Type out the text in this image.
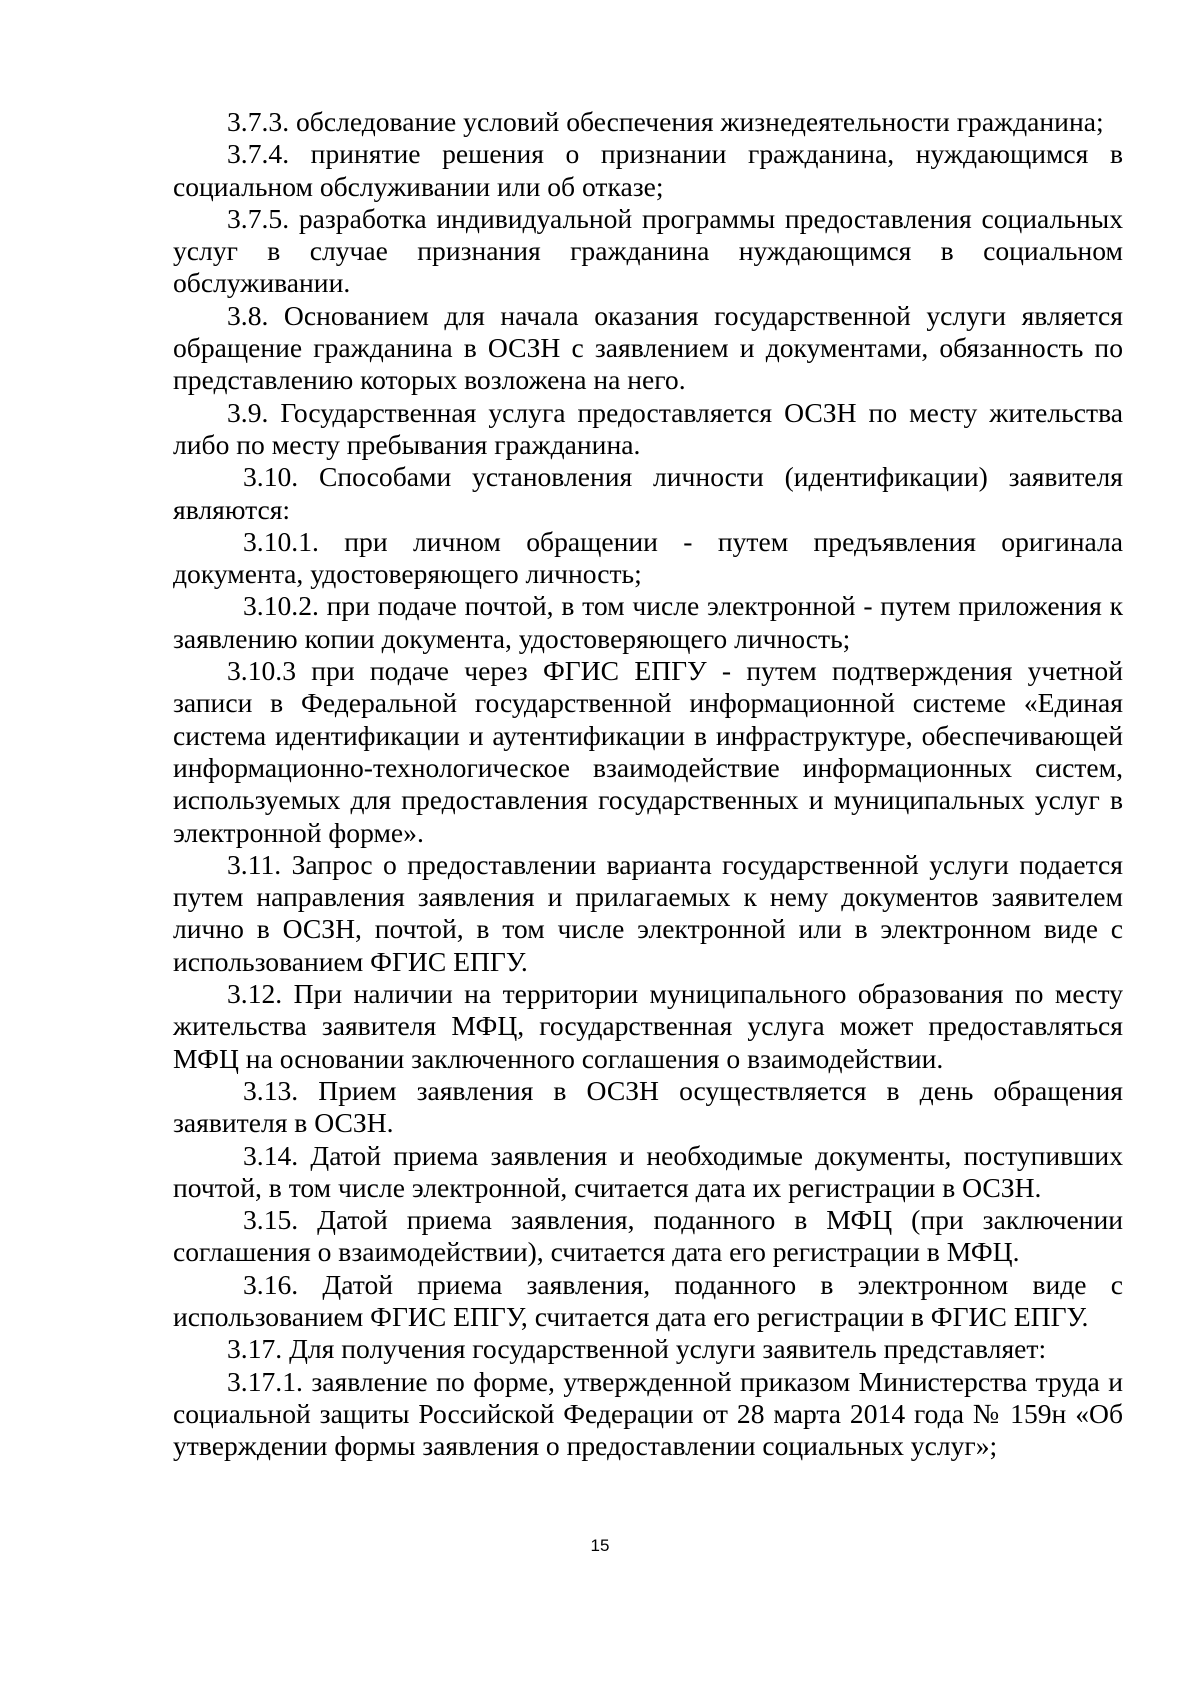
3.7.3. обследование условий обеспечения жизнедеятельности гражданина;

3.7.4. принятие решения о признании гражданина, нуждающимся в социальном обслуживании или об отказе;

3.7.5. разработка индивидуальной программы предоставления социальных услуг в случае признания гражданина нуждающимся в социальном обслуживании.

3.8. Основанием для начала оказания государственной услуги является обращение гражданина в ОСЗН с заявлением и документами, обязанность по представлению которых возложена на него.

3.9. Государственная услуга предоставляется ОСЗН по месту жительства либо по месту пребывания гражданина.

3.10. Способами установления личности (идентификации) заявителя являются:

3.10.1. при личном обращении - путем предъявления оригинала документа, удостоверяющего личность;

3.10.2. при подаче почтой, в том числе электронной - путем приложения к заявлению копии документа, удостоверяющего личность;

3.10.3 при подаче через ФГИС ЕПГУ - путем подтверждения учетной записи в Федеральной государственной информационной системе «Единая система идентификации и аутентификации в инфраструктуре, обеспечивающей информационно-технологическое взаимодействие информационных систем, используемых для предоставления государственных и муниципальных услуг в электронной форме».

3.11. Запрос о предоставлении варианта государственной услуги подается путем направления заявления и прилагаемых к нему документов заявителем лично в ОСЗН, почтой, в том числе электронной или в электронном виде с использованием ФГИС ЕПГУ.

3.12. При наличии на территории муниципального образования по месту жительства заявителя МФЦ, государственная услуга может предоставляться МФЦ на основании заключенного соглашения о взаимодействии.

3.13. Прием заявления в ОСЗН осуществляется в день обращения заявителя в ОСЗН.

3.14. Датой приема заявления и необходимые документы, поступивших почтой, в том числе электронной, считается дата их регистрации в ОСЗН.

3.15. Датой приема заявления, поданного в МФЦ (при заключении соглашения о взаимодействии), считается дата его регистрации в МФЦ.

3.16. Датой приема заявления, поданного в электронном виде с использованием ФГИС ЕПГУ, считается дата его регистрации в ФГИС ЕПГУ.

3.17. Для получения государственной услуги заявитель представляет:

3.17.1. заявление по форме, утвержденной приказом Министерства труда и социальной защиты Российской Федерации от 28 марта 2014 года № 159н «Об утверждении формы заявления о предоставлении социальных услуг»;

15
